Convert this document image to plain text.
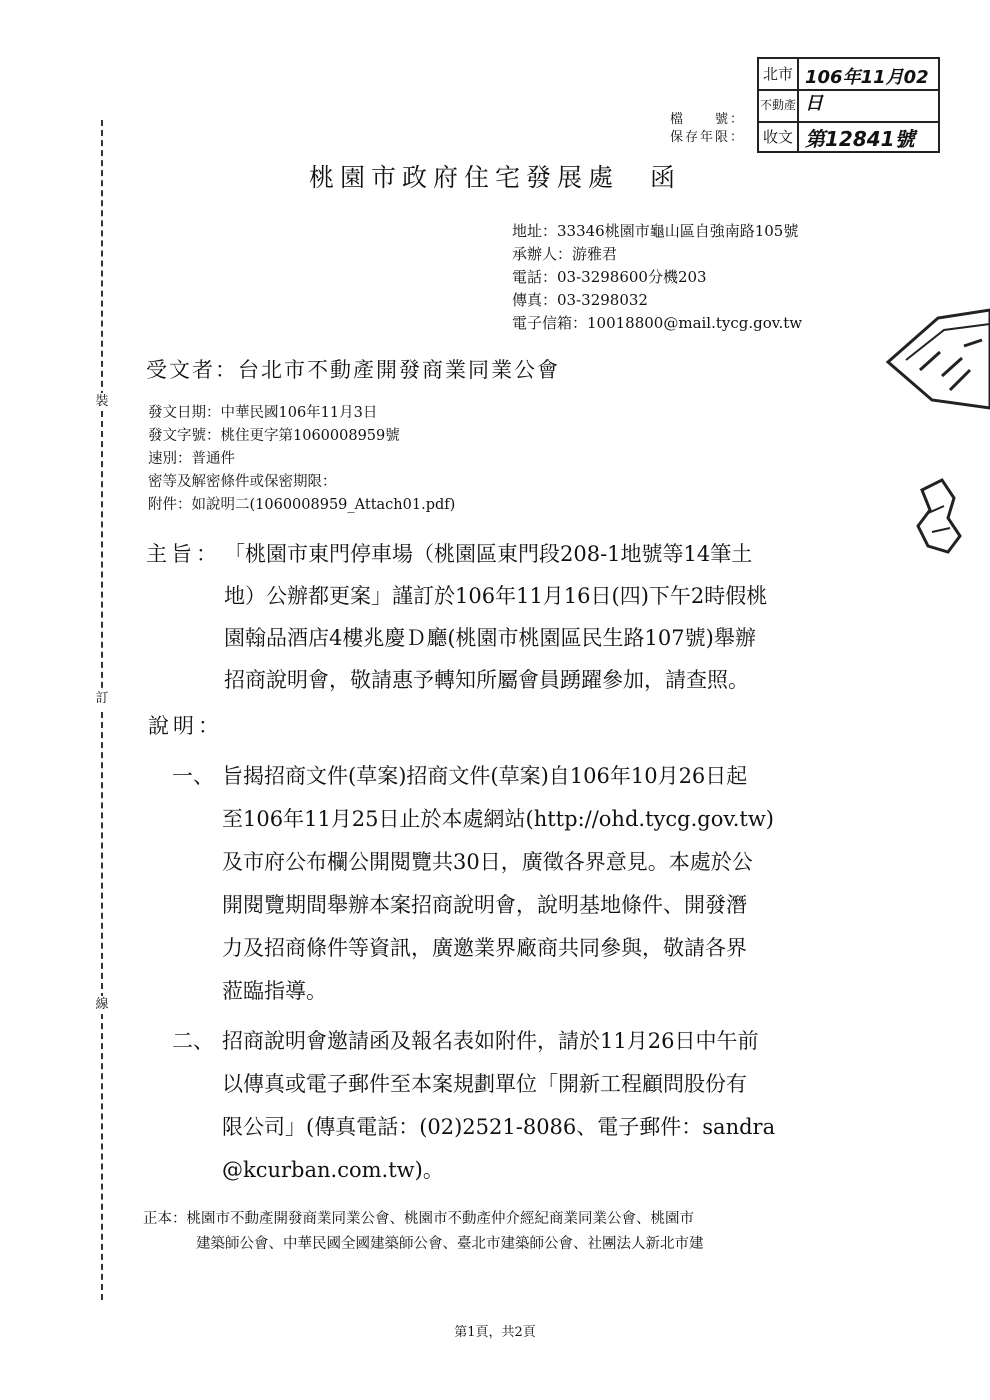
裝
訂
線
北市
不動產
收文
106年11月02日
第12841號
檔　　號：
保存年限：
桃園市政府住宅發展處　函
地址：33346桃園市龜山區自強南路105號
承辦人：游雅君
電話：03-3298600分機203
傳真：03-3298032
電子信箱：10018800@mail.tycg.gov.tw
受文者：台北市不動產開發商業同業公會
發文日期：中華民國106年11月3日
發文字號：桃住更字第1060008959號
速別：普通件
密等及解密條件或保密期限：
附件：如說明二(1060008959_Attach01.pdf)
主旨： 「桃園市東門停車場（桃園區東門段208-1地號等14筆土
地）公辦都更案」謹訂於106年11月16日(四)下午2時假桃
園翰品酒店4樓兆慶Ｄ廳(桃園市桃園區民生路107號)舉辦
招商說明會，敬請惠予轉知所屬會員踴躍參加，請查照。
說明：
一、 旨揭招商文件(草案)招商文件(草案)自106年10月26日起
至106年11月25日止於本處網站(http://ohd.tycg.gov.tw)
及市府公布欄公開閱覽共30日，廣徵各界意見。本處於公
開閱覽期間舉辦本案招商說明會，說明基地條件、開發潛
力及招商條件等資訊，廣邀業界廠商共同參與，敬請各界
蒞臨指導。
二、 招商說明會邀請函及報名表如附件，請於11月26日中午前
以傳真或電子郵件至本案規劃單位「開新工程顧問股份有
限公司」(傳真電話：(02)2521-8086、電子郵件：sandra
@kcurban.com.tw)。
正本：桃園市不動產開發商業同業公會、桃園市不動產仲介經紀商業同業公會、桃園市
建築師公會、中華民國全國建築師公會、臺北市建築師公會、社團法人新北市建
第1頁，共2頁
